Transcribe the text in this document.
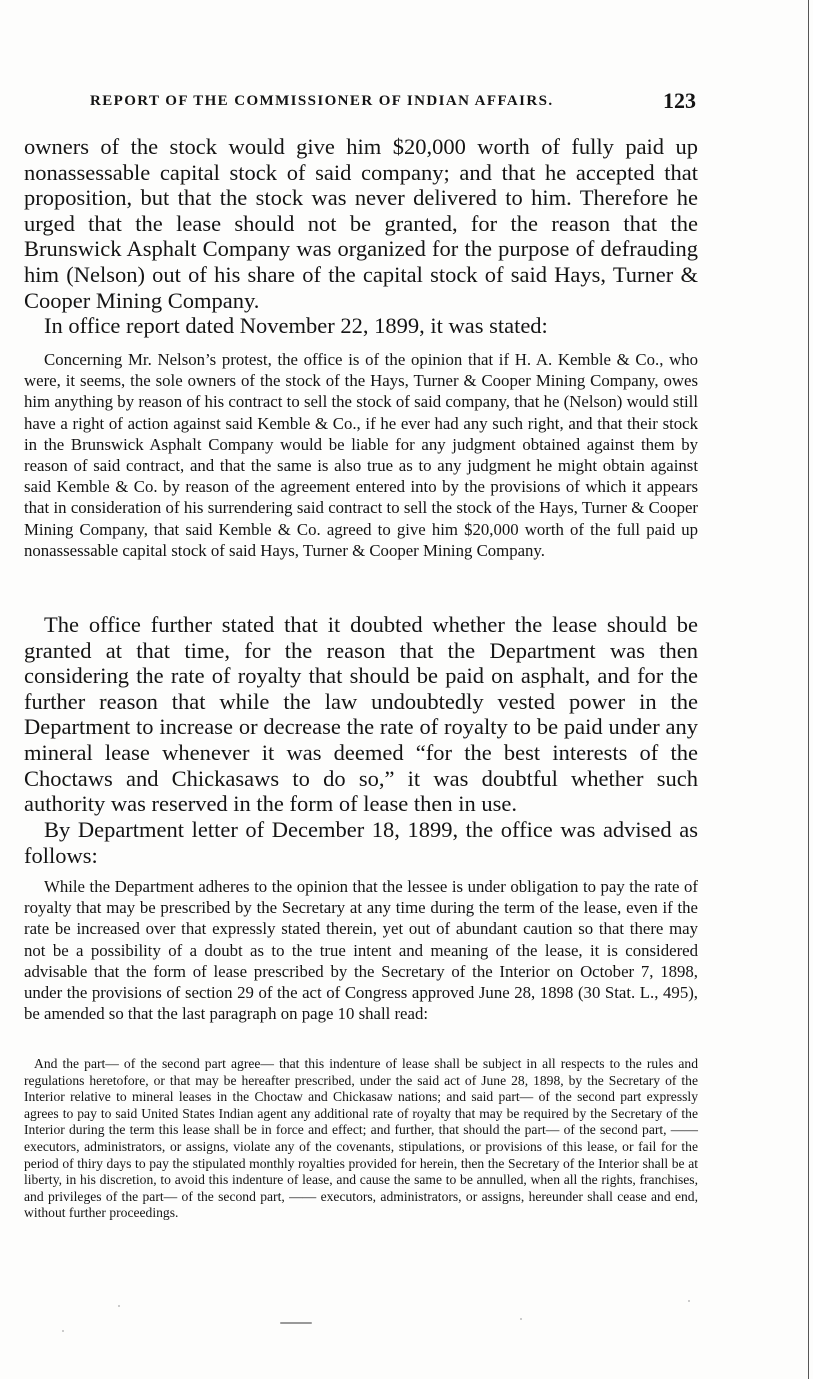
REPORT OF THE COMMISSIONER OF INDIAN AFFAIRS.	123

owners of the stock would give him $20,000 worth of fully paid up nonassessable capital stock of said company; and that he accepted that proposition, but that the stock was never delivered to him. Therefore he urged that the lease should not be granted, for the reason that the Brunswick Asphalt Company was organized for the purpose of defrauding him (Nelson) out of his share of the capital stock of said Hays, Turner & Cooper Mining Company.

In office report dated November 22, 1899, it was stated:

Concerning Mr. Nelson’s protest, the office is of the opinion that if H. A. Kemble & Co., who were, it seems, the sole owners of the stock of the Hays, Turner & Cooper Mining Company, owes him anything by reason of his contract to sell the stock of said company, that he (Nelson) would still have a right of action against said Kemble & Co., if he ever had any such right, and that their stock in the Brunswick Asphalt Company would be liable for any judgment obtained against them by reason of said contract, and that the same is also true as to any judgment he might obtain against said Kemble & Co. by reason of the agreement entered into by the provisions of which it appears that in consideration of his surrendering said contract to sell the stock of the Hays, Turner & Cooper Mining Company, that said Kemble & Co. agreed to give him $20,000 worth of the full paid up nonassessable capital stock of said Hays, Turner & Cooper Mining Company.

The office further stated that it doubted whether the lease should be granted at that time, for the reason that the Department was then considering the rate of royalty that should be paid on asphalt, and for the further reason that while the law undoubtedly vested power in the Department to increase or decrease the rate of royalty to be paid under any mineral lease whenever it was deemed “for the best interests of the Choctaws and Chickasaws to do so,” it was doubtful whether such authority was reserved in the form of lease then in use.

By Department letter of December 18, 1899, the office was advised as follows:

While the Department adheres to the opinion that the lessee is under obligation to pay the rate of royalty that may be prescribed by the Secretary at any time during the term of the lease, even if the rate be increased over that expressly stated therein, yet out of abundant caution so that there may not be a possibility of a doubt as to the true intent and meaning of the lease, it is considered advisable that the form of lease prescribed by the Secretary of the Interior on October 7, 1898, under the provisions of section 29 of the act of Congress approved June 28, 1898 (30 Stat. L., 495), be amended so that the last paragraph on page 10 shall read:

And the part— of the second part agree— that this indenture of lease shall be subject in all respects to the rules and regulations heretofore, or that may be hereafter prescribed, under the said act of June 28, 1898, by the Secretary of the Interior relative to mineral leases in the Choctaw and Chickasaw nations; and said part— of the second part expressly agrees to pay to said United States Indian agent any additional rate of royalty that may be required by the Secretary of the Interior during the term this lease shall be in force and effect; and further, that should the part— of the second part, —— executors, administrators, or assigns, violate any of the covenants, stipulations, or provisions of this lease, or fail for the period of thiry days to pay the stipulated monthly royalties provided for herein, then the Secretary of the Interior shall be at liberty, in his discretion, to avoid this indenture of lease, and cause the same to be annulled, when all the rights, franchises, and privileges of the part— of the second part, —— executors, administrators, or assigns, hereunder shall cease and end, without further proceedings.
